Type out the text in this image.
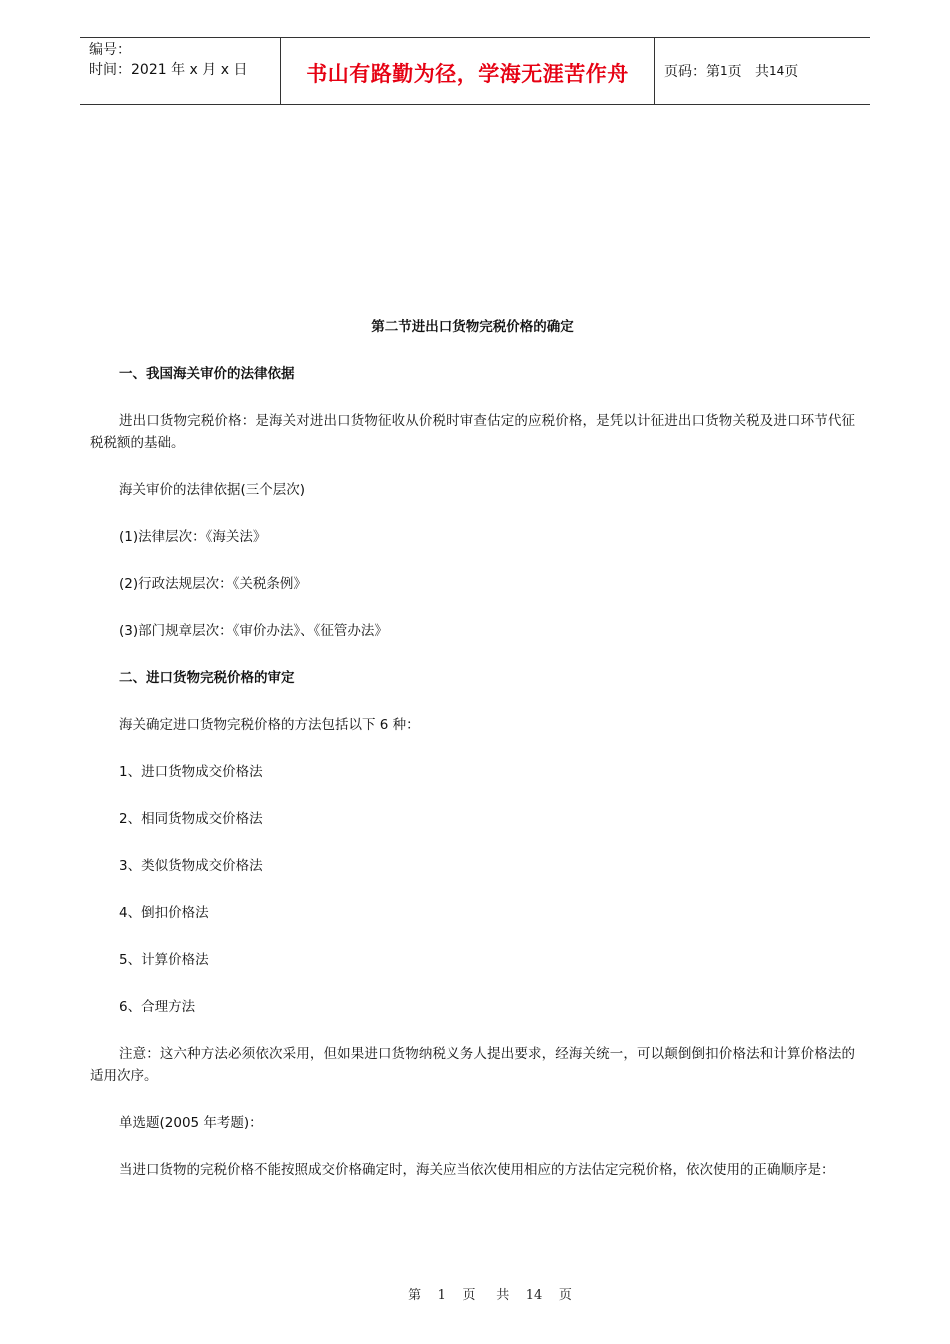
编号：
时间：2021 年 x 月 x 日	书山有路勤为径，学海无涯苦作舟	页码：第 1 页   共 14 页
第二节进出口货物完税价格的确定
一、我国海关审价的法律依据
进出口货物完税价格：是海关对进出口货物征收从价税时审查估定的应税价格，是凭以计征进出口货物关税及进口环节代征税税额的基础。
海关审价的法律依据(三个层次)
(1)法律层次：《海关法》
(2)行政法规层次：《关税条例》
(3)部门规章层次：《审价办法》、《征管办法》
二、进口货物完税价格的审定
海关确定进口货物完税价格的方法包括以下 6 种：
1、进口货物成交价格法
2、相同货物成交价格法
3、类似货物成交价格法
4、倒扣价格法
5、计算价格法
6、合理方法
注意：这六种方法必须依次采用，但如果进口货物纳税义务人提出要求，经海关统一，可以颠倒倒扣价格法和计算价格法的适用次序。
单选题(2005 年考题)：
当进口货物的完税价格不能按照成交价格确定时，海关应当依次使用相应的方法估定完税价格，依次使用的正确顺序是：
第 1 页 共 14 页
